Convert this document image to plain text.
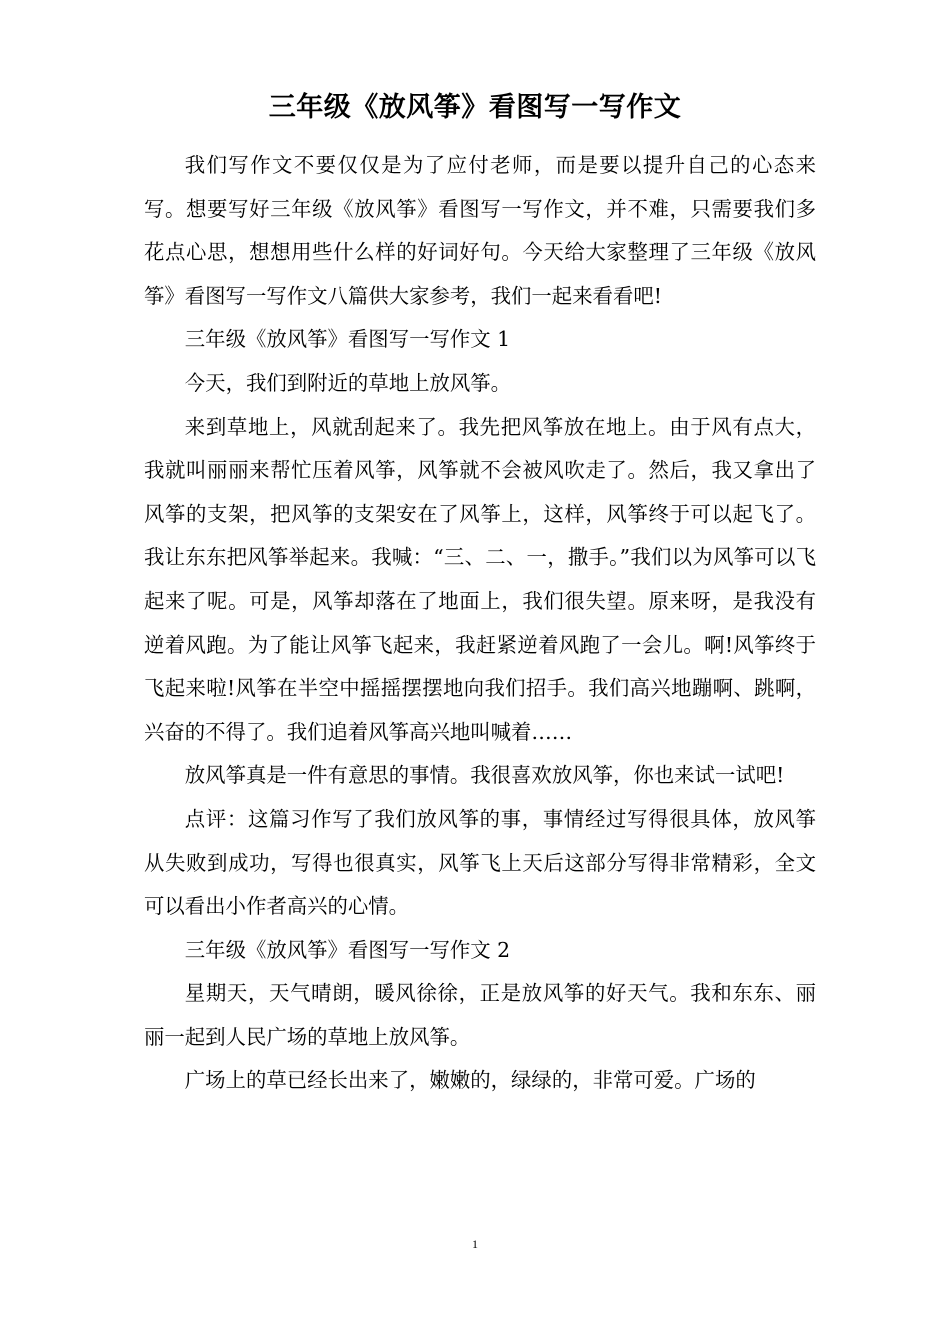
三年级《放风筝》看图写一写作文

我们写作文不要仅仅是为了应付老师，而是要以提升自己的心态来写。想要写好三年级《放风筝》看图写一写作文，并不难，只需要我们多花点心思，想想用些什么样的好词好句。今天给大家整理了三年级《放风筝》看图写一写作文八篇供大家参考，我们一起来看看吧!

三年级《放风筝》看图写一写作文 1

今天，我们到附近的草地上放风筝。

来到草地上，风就刮起来了。我先把风筝放在地上。由于风有点大，我就叫丽丽来帮忙压着风筝，风筝就不会被风吹走了。然后，我又拿出了风筝的支架，把风筝的支架安在了风筝上，这样，风筝终于可以起飞了。我让东东把风筝举起来。我喊：“三、二、一，撒手。”我们以为风筝可以飞起来了呢。可是，风筝却落在了地面上，我们很失望。原来呀，是我没有逆着风跑。为了能让风筝飞起来，我赶紧逆着风跑了一会儿。啊!风筝终于飞起来啦!风筝在半空中摇摇摆摆地向我们招手。我们高兴地蹦啊、跳啊，兴奋的不得了。我们追着风筝高兴地叫喊着……

放风筝真是一件有意思的事情。我很喜欢放风筝，你也来试一试吧!

点评：这篇习作写了我们放风筝的事，事情经过写得很具体，放风筝从失败到成功，写得也很真实，风筝飞上天后这部分写得非常精彩，全文可以看出小作者高兴的心情。

三年级《放风筝》看图写一写作文 2

星期天，天气晴朗，暖风徐徐，正是放风筝的好天气。我和东东、丽丽一起到人民广场的草地上放风筝。

广场上的草已经长出来了，嫩嫩的，绿绿的，非常可爱。广场的

1
